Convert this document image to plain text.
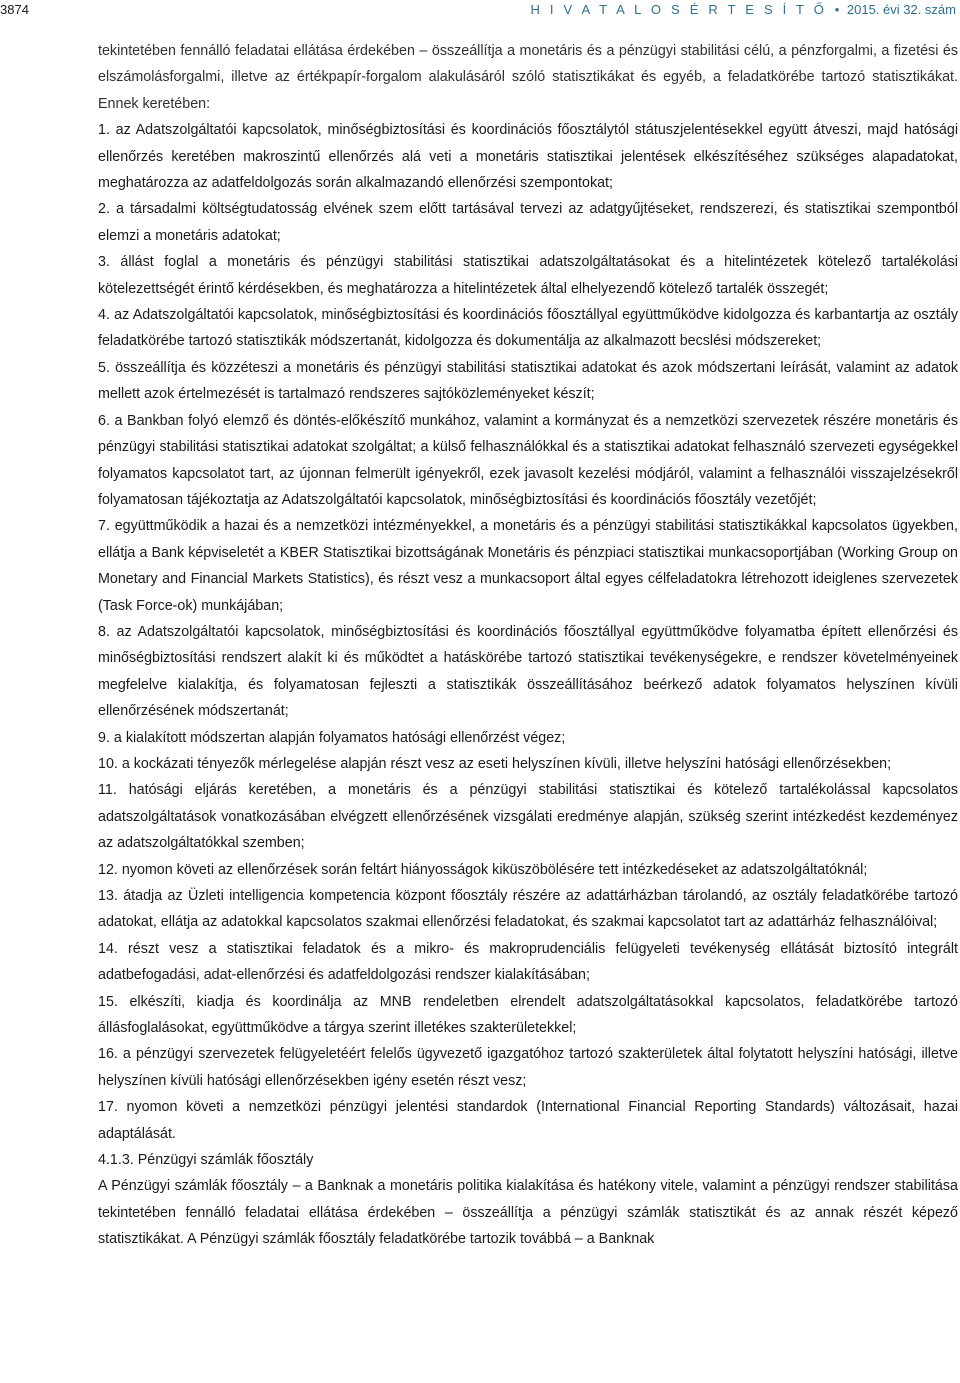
3874	H I V A T A L O S É R T E S Í T Ő • 2015. évi 32. szám

tekintetében fennálló feladatai ellátása érdekében – összeállítja a monetáris és a pénzügyi stabilitási célú, a pénzforgalmi, a fizetési és elszámolásforgalmi, illetve az értékpapír-forgalom alakulásáról szóló statisztikákat és egyéb, a feladatkörébe tartozó statisztikákat. Ennek keretében:

1. az Adatszolgáltatói kapcsolatok, minőségbiztosítási és koordinációs főosztálytól státuszjelentésekkel együtt átveszi, majd hatósági ellenőrzés keretében makroszintű ellenőrzés alá veti a monetáris statisztikai jelentések elkészítéséhez szükséges alapadatokat, meghatározza az adatfeldolgozás során alkalmazandó ellenőrzési szempontokat;

2. a társadalmi költségtudatosság elvének szem előtt tartásával tervezi az adatgyűjtéseket, rendszerezi, és statisztikai szempontból elemzi a monetáris adatokat;

3. állást foglal a monetáris és pénzügyi stabilitási statisztikai adatszolgáltatásokat és a hitelintézetek kötelező tartalékolási kötelezettségét érintő kérdésekben, és meghatározza a hitelintézetek által elhelyezendő kötelező tartalék összegét;

4. az Adatszolgáltatói kapcsolatok, minőségbiztosítási és koordinációs főosztállyal együttműködve kidolgozza és karbantartja az osztály feladatkörébe tartozó statisztikák módszertanát, kidolgozza és dokumentálja az alkalmazott becslési módszereket;

5. összeállítja és közzéteszi a monetáris és pénzügyi stabilitási statisztikai adatokat és azok módszertani leírását, valamint az adatok mellett azok értelmezését is tartalmazó rendszeres sajtóközleményeket készít;

6. a Bankban folyó elemző és döntés-előkészítő munkához, valamint a kormányzat és a nemzetközi szervezetek részére monetáris és pénzügyi stabilitási statisztikai adatokat szolgáltat; a külső felhasználókkal és a statisztikai adatokat felhasználó szervezeti egységekkel folyamatos kapcsolatot tart, az újonnan felmerült igényekről, ezek javasolt kezelési módjáról, valamint a felhasználói visszajelzésekről folyamatosan tájékoztatja az Adatszolgáltatói kapcsolatok, minőségbiztosítási és koordinációs főosztály vezetőjét;

7. együttműködik a hazai és a nemzetközi intézményekkel, a monetáris és a pénzügyi stabilitási statisztikákkal kapcsolatos ügyekben, ellátja a Bank képviseletét a KBER Statisztikai bizottságának Monetáris és pénzpiaci statisztikai munkacsoportjában (Working Group on Monetary and Financial Markets Statistics), és részt vesz a munkacsoport által egyes célfeladatokra létrehozott ideiglenes szervezetek (Task Force-ok) munkájában;

8. az Adatszolgáltatói kapcsolatok, minőségbiztosítási és koordinációs főosztállyal együttműködve folyamatba épített ellenőrzési és minőségbiztosítási rendszert alakít ki és működtet a hatáskörébe tartozó statisztikai tevékenységekre, e rendszer követelményeinek megfelelve kialakítja, és folyamatosan fejleszti a statisztikák összeállításához beérkező adatok folyamatos helyszínen kívüli ellenőrzésének módszertanát;

9. a kialakított módszertan alapján folyamatos hatósági ellenőrzést végez;

10. a kockázati tényezők mérlegelése alapján részt vesz az eseti helyszínen kívüli, illetve helyszíni hatósági ellenőrzésekben;

11. hatósági eljárás keretében, a monetáris és a pénzügyi stabilitási statisztikai és kötelező tartalékolással kapcsolatos adatszolgáltatások vonatkozásában elvégzett ellenőrzésének vizsgálati eredménye alapján, szükség szerint intézkedést kezdeményez az adatszolgáltatókkal szemben;

12. nyomon követi az ellenőrzések során feltárt hiányosságok kiküszöbölésére tett intézkedéseket az adatszolgáltatóknál;

13. átadja az Üzleti intelligencia kompetencia központ főosztály részére az adattárházban tárolandó, az osztály feladatkörébe tartozó adatokat, ellátja az adatokkal kapcsolatos szakmai ellenőrzési feladatokat, és szakmai kapcsolatot tart az adattárház felhasználóival;

14. részt vesz a statisztikai feladatok és a mikro- és makroprudenciális felügyeleti tevékenység ellátását biztosító integrált adatbefogadási, adat-ellenőrzési és adatfeldolgozási rendszer kialakításában;

15. elkészíti, kiadja és koordinálja az MNB rendeletben elrendelt adatszolgáltatásokkal kapcsolatos, feladatkörébe tartozó állásfoglalásokat, együttműködve a tárgya szerint illetékes szakterületekkel;

16. a pénzügyi szervezetek felügyeletéért felelős ügyvezető igazgatóhoz tartozó szakterületek által folytatott helyszíni hatósági, illetve helyszínen kívüli hatósági ellenőrzésekben igény esetén részt vesz;

17. nyomon követi a nemzetközi pénzügyi jelentési standardok (International Financial Reporting Standards) változásait, hazai adaptálását.

4.1.3. Pénzügyi számlák főosztály

A Pénzügyi számlák főosztály – a Banknak a monetáris politika kialakítása és hatékony vitele, valamint a pénzügyi rendszer stabilitása tekintetében fennálló feladatai ellátása érdekében – összeállítja a pénzügyi számlák statisztikát és az annak részét képező statisztikákat. A Pénzügyi számlák főosztály feladatkörébe tartozik továbbá – a Banknak
